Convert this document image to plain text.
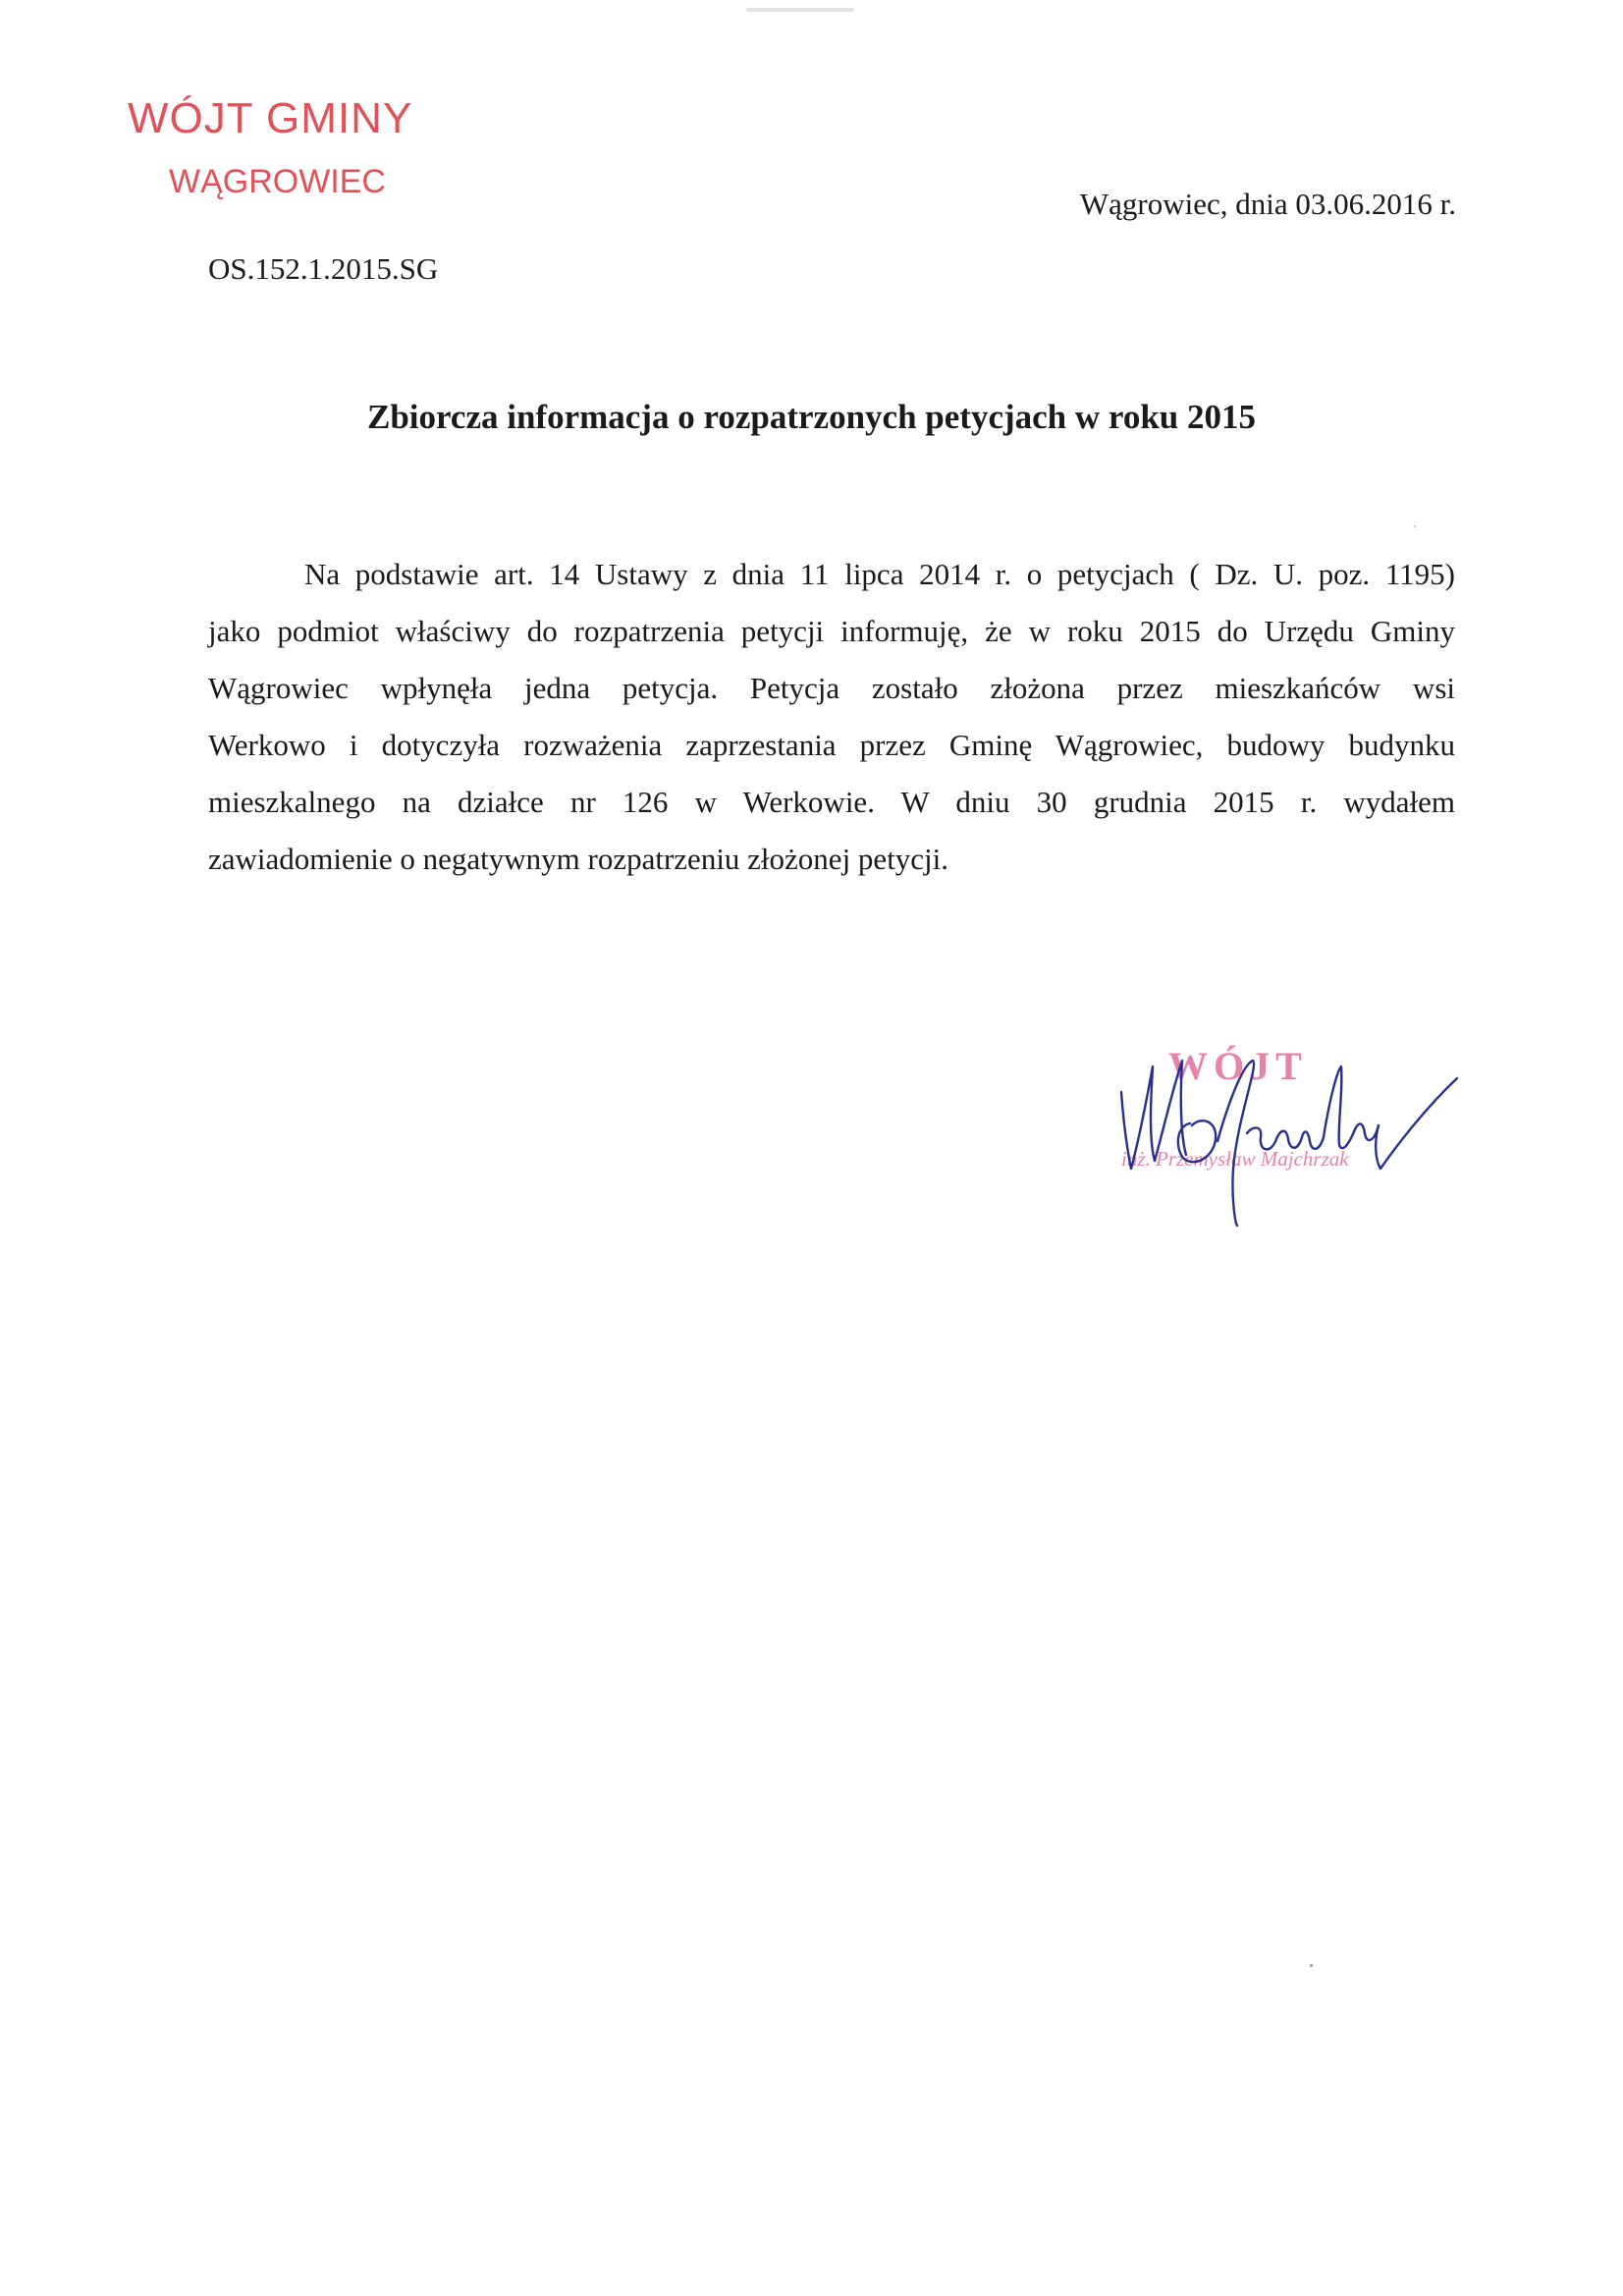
WÓJT GMINY
WĄGROWIEC
Wągrowiec, dnia 03.06.2016 r.
OS.152.1.2015.SG
Zbiorcza informacja o rozpatrzonych petycjach w roku 2015
Na podstawie art. 14 Ustawy z dnia 11 lipca 2014 r. o petycjach ( Dz. U. poz. 1195)
jako podmiot właściwy do rozpatrzenia petycji informuję, że w roku 2015 do Urzędu Gminy
Wągrowiec wpłynęła jedna petycja. Petycja zostało złożona przez mieszkańców wsi
Werkowo i dotyczyła rozważenia zaprzestania przez Gminę Wągrowiec, budowy budynku
mieszkalnego na działce nr 126 w Werkowie. W dniu 30 grudnia 2015 r. wydałem
zawiadomienie o negatywnym rozpatrzeniu złożonej petycji.
WÓJT
inż. Przemysław Majchrzak
